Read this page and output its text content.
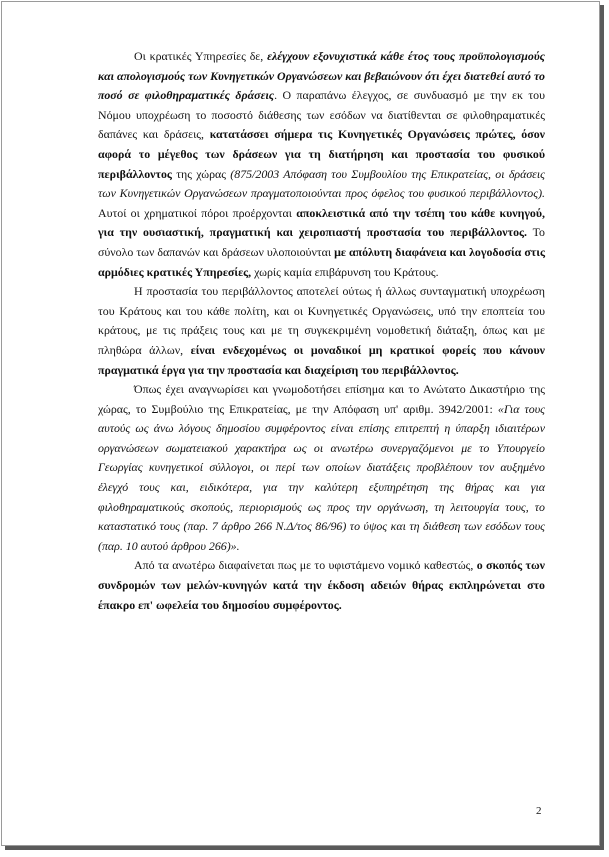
Οι κρατικές Υπηρεσίες δε, ελέγχουν εξονυχιστικά κάθε έτος τους προϋπολογισμούς και απολογισμούς των Κυνηγετικών Οργανώσεων και βεβαιώνουν ότι έχει διατεθεί αυτό το ποσό σε φιλοθηραματικές δράσεις. Ο παραπάνω έλεγχος, σε συνδυασμό με την εκ του Νόμου υποχρέωση το ποσοστό διάθεσης των εσόδων να διατίθενται σε φιλοθηραματικές δαπάνες και δράσεις, κατατάσσει σήμερα τις Κυνηγετικές Οργανώσεις πρώτες, όσον αφορά το μέγεθος των δράσεων για τη διατήρηση και προστασία του φυσικού περιβάλλοντος της χώρας (875/2003 Απόφαση του Συμβουλίου της Επικρατείας, οι δράσεις των Κυνηγετικών Οργανώσεων πραγματοποιούνται προς όφελος του φυσικού περιβάλλοντος). Αυτοί οι χρηματικοί πόροι προέρχονται αποκλειστικά από την τσέπη του κάθε κυνηγού, για την ουσιαστική, πραγματική και χειροπιαστή προστασία του περιβάλλοντος. Το σύνολο των δαπανών και δράσεων υλοποιούνται με απόλυτη διαφάνεια και λογοδοσία στις αρμόδιες κρατικές Υπηρεσίες, χωρίς καμία επιβάρυνση του Κράτους.

Η προστασία του περιβάλλοντος αποτελεί ούτως ή άλλως συνταγματική υποχρέωση του Κράτους και του κάθε πολίτη, και οι Κυνηγετικές Οργανώσεις, υπό την εποπτεία του κράτους, με τις πράξεις τους και με τη συγκεκριμένη νομοθετική διάταξη, όπως και με πληθώρα άλλων, είναι ενδεχομένως οι μοναδικοί μη κρατικοί φορείς που κάνουν πραγματικά έργα για την προστασία και διαχείριση του περιβάλλοντος.

Όπως έχει αναγνωρίσει και γνωμοδοτήσει επίσημα και το Ανώτατο Δικαστήριο της χώρας, το Συμβούλιο της Επικρατείας, με την Απόφαση υπ' αριθμ. 3942/2001: «Για τους αυτούς ως άνω λόγους δημοσίου συμφέροντος είναι επίσης επιτρεπτή η ύπαρξη ιδιαιτέρων οργανώσεων σωματειακού χαρακτήρα ως οι ανωτέρω συνεργαζόμενοι με το Υπουργείο Γεωργίας κυνηγετικοί σύλλογοι, οι περί των οποίων διατάξεις προβλέπουν τον αυξημένο έλεγχό τους και, ειδικότερα, για την καλύτερη εξυπηρέτηση της θήρας και για φιλοθηραματικούς σκοπούς, περιορισμούς ως προς την οργάνωση, τη λειτουργία τους, το καταστατικό τους (παρ. 7 άρθρο 266 Ν.Δ/τος 86/96) το ύψος και τη διάθεση των εσόδων τους (παρ. 10 αυτού άρθρου 266)».

Από τα ανωτέρω διαφαίνεται πως με το υφιστάμενο νομικό καθεστώς, ο σκοπός των συνδρομών των μελών-κυνηγών κατά την έκδοση αδειών θήρας εκπληρώνεται στο έπακρο επ' ωφελεία του δημοσίου συμφέροντος.

2
